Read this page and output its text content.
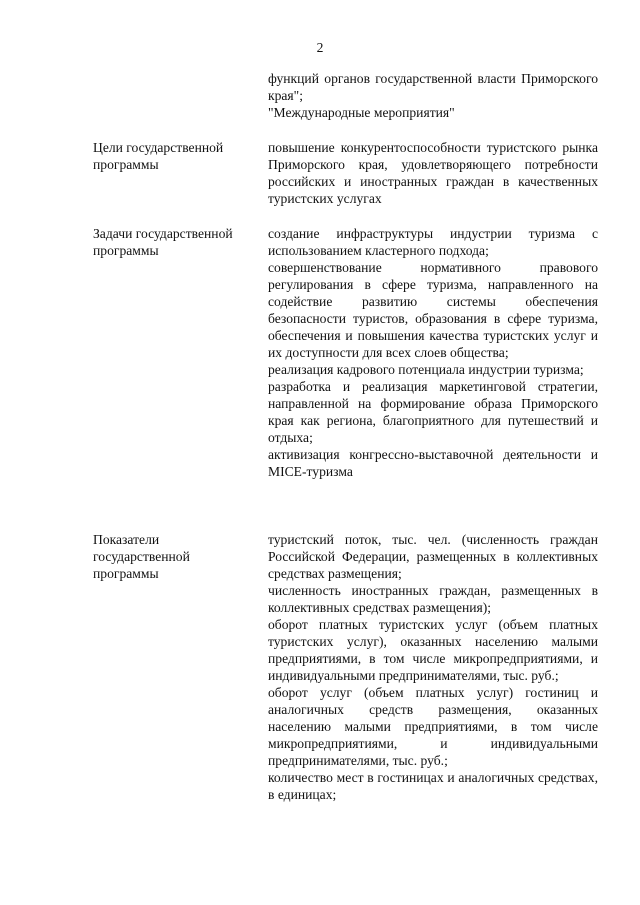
2

функций органов государственной власти Приморского края";

"Международные мероприятия"

Цели государственной
программы

повышение конкурентоспособности туристского рынка Приморского края, удовлетворяющего потребности российских и иностранных граждан в качественных туристских услугах

Задачи государственной
программы

создание инфраструктуры индустрии туризма с использованием кластерного подхода;

совершенствование нормативного правового регулирования в сфере туризма, направленного на содействие развитию системы обеспечения безопасности туристов, образования в сфере туризма, обеспечения и повышения качества туристских услуг и их доступности для всех слоев общества;

реализация кадрового потенциала индустрии туризма;

разработка и реализация маркетинговой стратегии, направленной на формирование образа Приморского края как региона, благоприятного для путешествий и отдыха;

активизация конгрессно-выставочной деятельности и MICE-туризма

Показатели
государственной
программы

туристский поток, тыс. чел. (численность граждан Российской Федерации, размещенных в коллективных средствах размещения;

численность иностранных граждан, размещенных в коллективных средствах размещения);

оборот платных туристских услуг (объем платных туристских услуг), оказанных населению малыми предприятиями, в том числе микропредприятиями, и индивидуальными предпринимателями, тыс. руб.;

оборот услуг (объем платных услуг) гостиниц и аналогичных средств размещения, оказанных населению малыми предприятиями, в том числе микропредприятиями, и индивидуальными предпринимателями, тыс. руб.;

количество мест в гостиницах и аналогичных средствах, в единицах;
